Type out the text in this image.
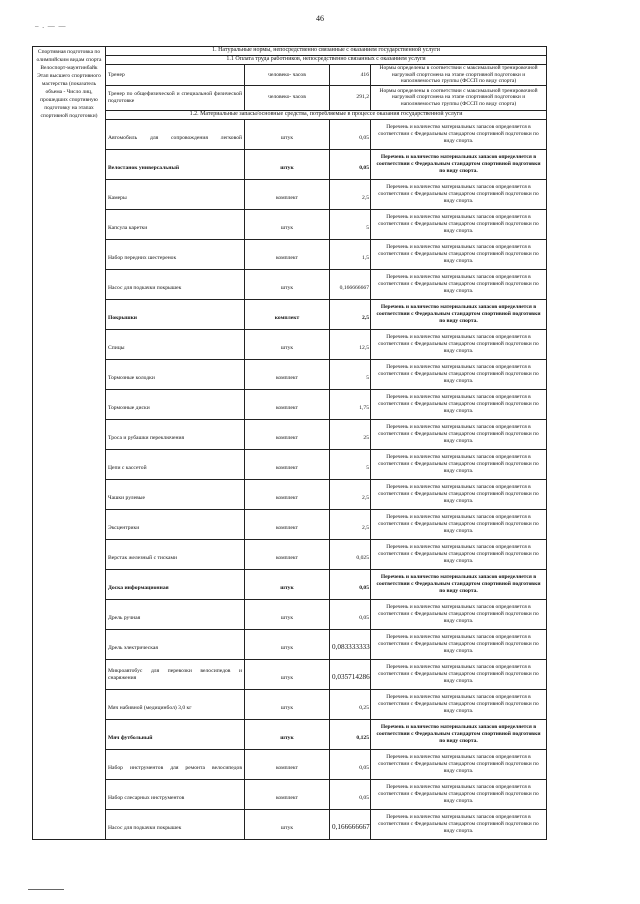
46
– . — —
Спортивная подготовка по олимпийским видам спорта Велоспорт-маунтинбайк Этап высшего спортивного мастерства (показатель объема - Число лиц, прошедших спортивную подготовку на этапах спортивной подготовки)	1. Натуральные нормы, непосредственно связанные с оказанием государственной услуги			
	1.1 Оплата труда работников, непосредственно связанных с оказанием услуги			
	Тренер	человеко- часов	416	Нормы определены в соответствии с максимальной тренировочной нагрузкой спортсмена на этапе спортивной подготовки и наполняемостью группы (ФССП по виду спорта)
	Тренер по общефизической и специальной физической подготовке	человеко- часов	291,2	Нормы определены в соответствии с максимальной тренировочной нагрузкой спортсмена на этапе спортивной подготовки и наполняемостью группы (ФССП по виду спорта)
	1.2. Материальные запасы/основные средства, потребляемые в процессе оказания государственной услуги			
	Автомобиль для сопровождения легковой	штук	0,05	Перечень и количество материальных запасов определяется в соответствии с Федеральным стандартом спортивной подготовки по виду спорта.
	Велостанок универсальный	штук	0,05	Перечень и количество материальных запасов определяется в соответствии с Федеральным стандартом спортивной подготовки по виду спорта.
	Камеры	комплект	2,5	Перечень и количество материальных запасов определяется в соответствии с Федеральным стандартом спортивной подготовки по виду спорта.
	Капсула каретки	штук	5	Перечень и количество материальных запасов определяется в соответствии с Федеральным стандартом спортивной подготовки по виду спорта.
	Набор передних шестеренок	комплект	1,5	Перечень и количество материальных запасов определяется в соответствии с Федеральным стандартом спортивной подготовки по виду спорта.
	Насос для подкачки покрышек	штук	0,166666667	Перечень и количество материальных запасов определяется в соответствии с Федеральным стандартом спортивной подготовки по виду спорта.
	Покрышки	комплект	2,5	Перечень и количество материальных запасов определяется в соответствии с Федеральным стандартом спортивной подготовки по виду спорта.
	Спицы	штук	12,5	Перечень и количество материальных запасов определяется в соответствии с Федеральным стандартом спортивной подготовки по виду спорта.
	Тормозные колодки	комплект	5	Перечень и количество материальных запасов определяется в соответствии с Федеральным стандартом спортивной подготовки по виду спорта.
	Тормозные диски	комплект	1,75	Перечень и количество материальных запасов определяется в соответствии с Федеральным стандартом спортивной подготовки по виду спорта.
	Троса и рубашки переключения	комплект	25	Перечень и количество материальных запасов определяется в соответствии с Федеральным стандартом спортивной подготовки по виду спорта.
	Цепи с кассетой	комплект	5	Перечень и количество материальных запасов определяется в соответствии с Федеральным стандартом спортивной подготовки по виду спорта.
	Чашки рулевые	комплект	2,5	Перечень и количество материальных запасов определяется в соответствии с Федеральным стандартом спортивной подготовки по виду спорта.
	Эксцентрики	комплект	2,5	Перечень и количество материальных запасов определяется в соответствии с Федеральным стандартом спортивной подготовки по виду спорта.
	Верстак железный с тисками	комплект	0,025	Перечень и количество материальных запасов определяется в соответствии с Федеральным стандартом спортивной подготовки по виду спорта.
	Доска информационная	штук	0,05	Перечень и количество материальных запасов определяется в соответствии с Федеральным стандартом спортивной подготовки по виду спорта.
	Дрель ручная	штук	0,05	Перечень и количество материальных запасов определяется в соответствии с Федеральным стандартом спортивной подготовки по виду спорта.
	Дрель электрическая	штук	0,083333333	Перечень и количество материальных запасов определяется в соответствии с Федеральным стандартом спортивной подготовки по виду спорта.
	Микроавтобус для перевозки велосипедов и снаряжения	штук	0,035714286	Перечень и количество материальных запасов определяется в соответствии с Федеральным стандартом спортивной подготовки по виду спорта.
	Мяч набивной (медицинбол) 3,0 кг	штук	0,25	Перечень и количество материальных запасов определяется в соответствии с Федеральным стандартом спортивной подготовки по виду спорта.
	Мяч футбольный	штук	0,125	Перечень и количество материальных запасов определяется в соответствии с Федеральным стандартом спортивной подготовки по виду спорта.
	Набор инструментов для ремонта велосипедов	комплект	0,05	Перечень и количество материальных запасов определяется в соответствии с Федеральным стандартом спортивной подготовки по виду спорта.
	Набор слесарных инструментов	комплект	0,05	Перечень и количество материальных запасов определяется в соответствии с Федеральным стандартом спортивной подготовки по виду спорта.
	Насос для подкачки покрышек	штук	0,166666667	Перечень и количество материальных запасов определяется в соответствии с Федеральным стандартом спортивной подготовки по виду спорта.
